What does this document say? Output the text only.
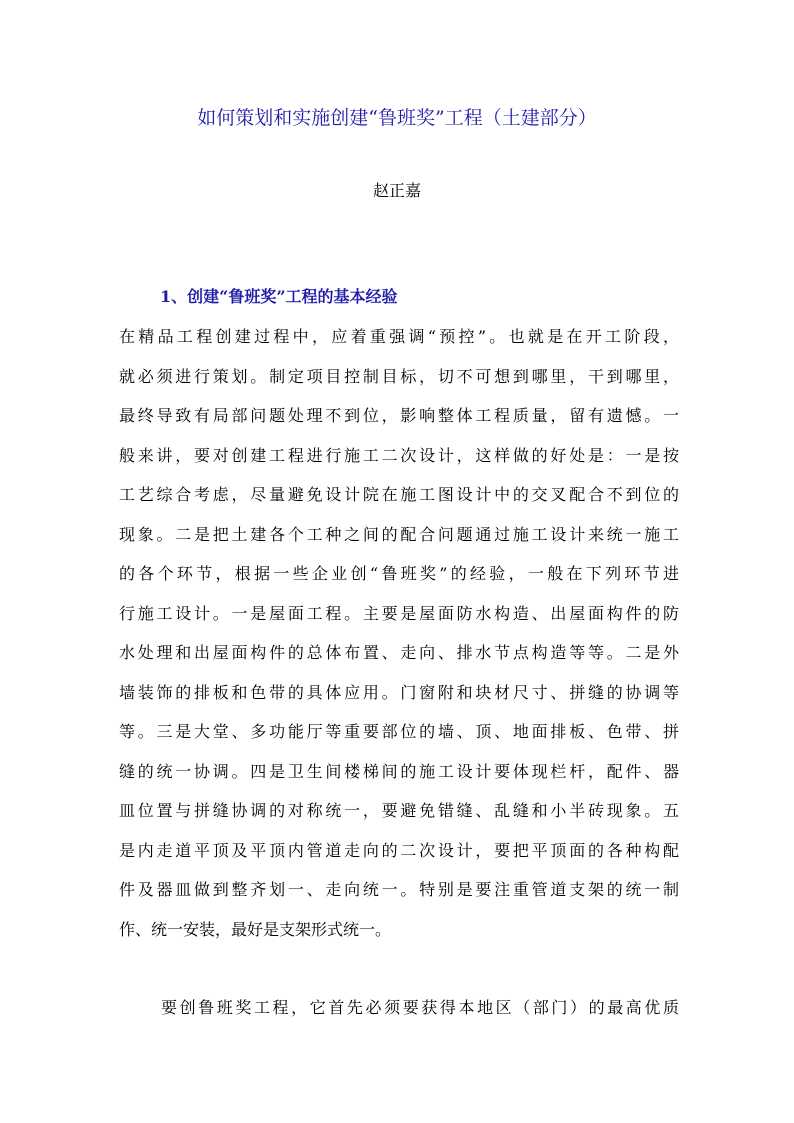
如何策划和实施创建“鲁班奖”工程（土建部分）
赵正嘉
1、创建“鲁班奖”工程的基本经验
在精品工程创建过程中，应着重强调“预控”。也就是在开工阶段，
就必须进行策划。制定项目控制目标，切不可想到哪里，干到哪里，
最终导致有局部问题处理不到位，影响整体工程质量，留有遗憾。一
般来讲，要对创建工程进行施工二次设计，这样做的好处是：一是按
工艺综合考虑，尽量避免设计院在施工图设计中的交叉配合不到位的
现象。二是把土建各个工种之间的配合问题通过施工设计来统一施工
的各个环节，根据一些企业创“鲁班奖”的经验，一般在下列环节进
行施工设计。一是屋面工程。主要是屋面防水构造、出屋面构件的防
水处理和出屋面构件的总体布置、走向、排水节点构造等等。二是外
墙装饰的排板和色带的具体应用。门窗附和块材尺寸、拼缝的协调等
等。三是大堂、多功能厅等重要部位的墙、顶、地面排板、色带、拼
缝的统一协调。四是卫生间楼梯间的施工设计要体现栏杆，配件、器
皿位置与拼缝协调的对称统一，要避免错缝、乱缝和小半砖现象。五
是内走道平顶及平顶内管道走向的二次设计，要把平顶面的各种构配
件及器皿做到整齐划一、走向统一。特别是要注重管道支架的统一制
作、统一安装，最好是支架形式统一。
要创鲁班奖工程，它首先必须要获得本地区（部门）的最高优质
